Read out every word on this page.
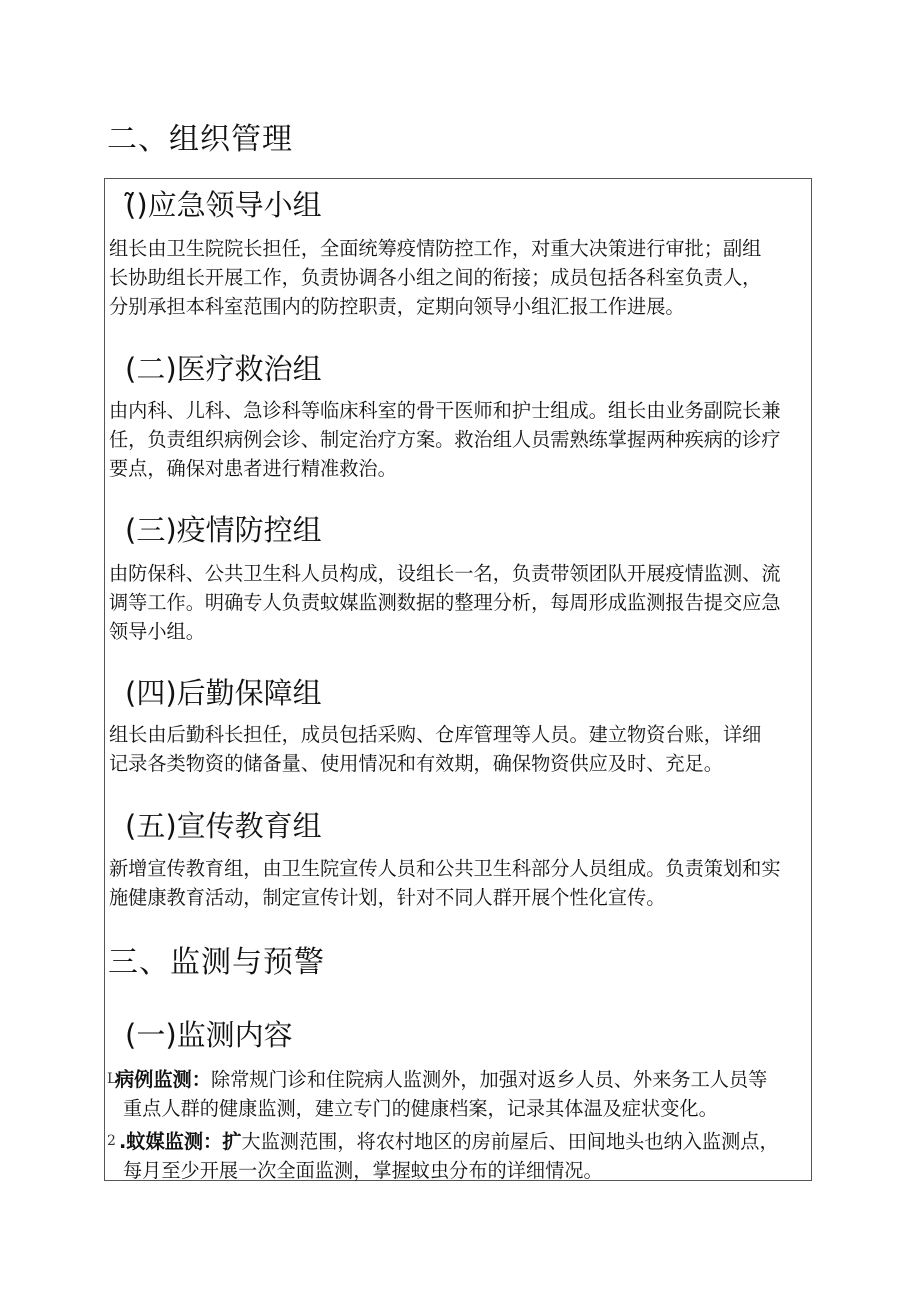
二、组织管理
(̃)应急领导小组

组长由卫生院院长担任，全面统筹疫情防控工作，对重大决策进行审批；副组
长协助组长开展工作，负责协调各小组之间的衔接；成员包括各科室负责人，
分别承担本科室范围内的防控职责，定期向领导小组汇报工作进展。

(二)医疗救治组

由内科、儿科、急诊科等临床科室的骨干医师和护士组成。组长由业务副院长兼
任，负责组织病例会诊、制定治疗方案。救治组人员需熟练掌握两种疾病的诊疗
要点，确保对患者进行精准救治。

(三)疫情防控组

由防保科、公共卫生科人员构成，设组长一名，负责带领团队开展疫情监测、流
调等工作。明确专人负责蚊媒监测数据的整理分析，每周形成监测报告提交应急
领导小组。

(四)后勤保障组

组长由后勤科长担任，成员包括采购、仓库管理等人员。建立物资台账，详细
记录各类物资的储备量、使用情况和有效期，确保物资供应及时、充足。

(五)宣传教育组

新增宣传教育组，由卫生院宣传人员和公共卫生科部分人员组成。负责策划和实
施健康教育活动，制定宣传计划，针对不同人群开展个性化宣传。

三、监测与预警
(一)监测内容
L
病例监测：除常规门诊和住院病人监测外，加强对返乡人员、外来务工人员等
重点人群的健康监测，建立专门的健康档案，记录其体温及症状变化。
2 .蚊媒监测：扩大监测范围，将农村地区的房前屋后、田间地头也纳入监测点，
每月至少开展一次全面监测，掌握蚊虫分布的详细情况。
